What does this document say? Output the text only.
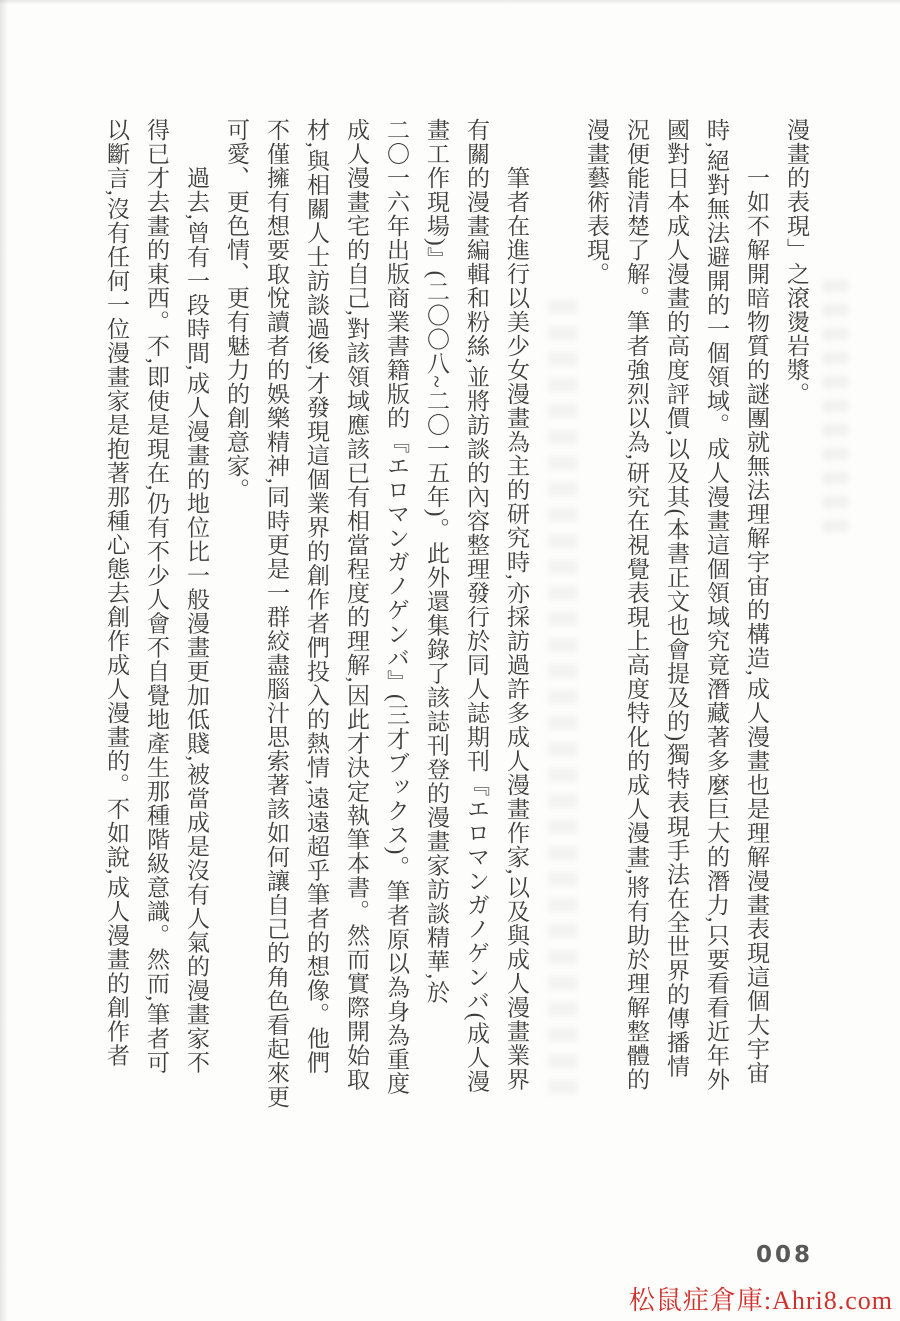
漫畫的表現」之滾燙岩漿。
一如不解開暗物質的謎團就無法理解宇宙的構造,成人漫畫也是理解漫畫表現這個大宇宙
時,絕對無法避開的一個領域。成人漫畫這個領域究竟潛藏著多麼巨大的潛力,只要看看近年外
國對日本成人漫畫的高度評價,以及其(本書正文也會提及的)獨特表現手法在全世界的傳播情
況便能清楚了解。筆者強烈以為,研究在視覺表現上高度特化的成人漫畫,將有助於理解整體的
漫畫藝術表現。
筆者在進行以美少女漫畫為主的研究時,亦採訪過許多成人漫畫作家,以及與成人漫畫業界
有關的漫畫編輯和粉絲,並將訪談的內容整理發行於同人誌期刊『エロマンガノゲンバ(成人漫
畫工作現場)』(二〇〇八~二〇一五年)。此外還集錄了該誌刊登的漫畫家訪談精華,於
二〇一六年出版商業書籍版的『エロマンガノゲンバ』(三才ブックス)。筆者原以為身為重度
成人漫畫宅的自己,對該領域應該已有相當程度的理解,因此才決定執筆本書。然而實際開始取
材,與相關人士訪談過後,才發現這個業界的創作者們投入的熱情,遠遠超乎筆者的想像。他們
不僅擁有想要取悅讀者的娛樂精神,同時更是一群絞盡腦汁思索著該如何讓自己的角色看起來更
可愛、更色情、更有魅力的創意家。
過去,曾有一段時間,成人漫畫的地位比一般漫畫更加低賤,被當成是沒有人氣的漫畫家不
得已才去畫的東西。不,即使是現在,仍有不少人會不自覺地產生那種階級意識。然而,筆者可
以斷言,沒有任何一位漫畫家是抱著那種心態去創作成人漫畫的。不如說,成人漫畫的創作者
008
松鼠症倉庫:Ahri8.com
